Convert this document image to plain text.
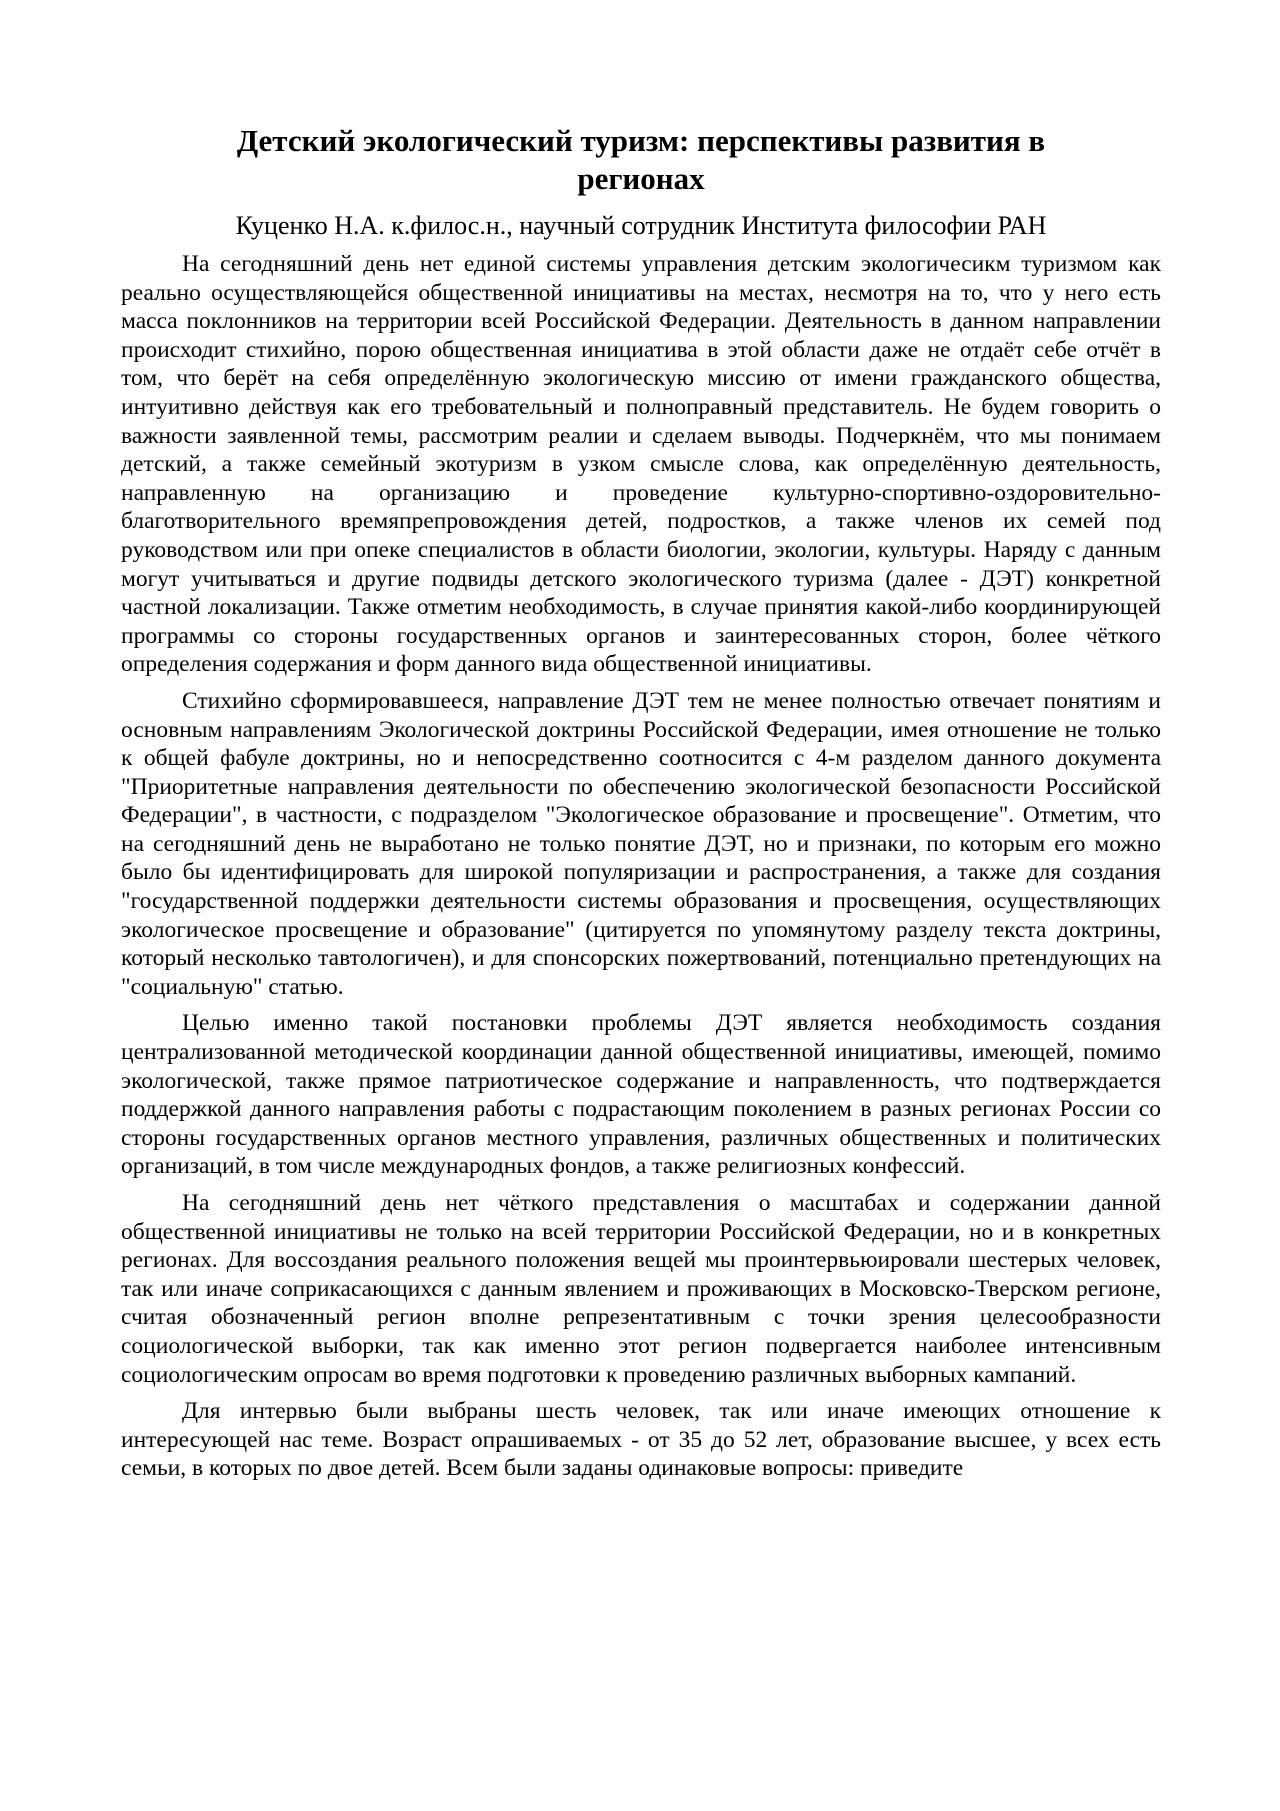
Детский экологический туризм: перспективы развития в регионах
Куценко Н.А. к.филос.н., научный сотрудник Института философии РАН

На сегодняшний день нет единой системы управления детским экологичесикм туризмом как реально осуществляющейся общественной инициативы на местах, несмотря на то, что у него есть масса поклонников на территории всей Российской Федерации. Деятельность в данном направлении происходит стихийно, порою общественная инициатива в этой области даже не отдаёт себе отчёт в том, что берёт на себя определённую экологическую миссию от имени гражданского общества, интуитивно действуя как его требовательный и полноправный представитель. Не будем говорить о важности заявленной темы, рассмотрим реалии и сделаем выводы. Подчеркнём, что мы понимаем детский, а также семейный экотуризм в узком смысле слова, как определённую деятельность, направленную на организацию и проведение культурно-спортивно-оздоровительно-благотворительного времяпрепровождения детей, подростков, а также членов их семей под руководством или при опеке специалистов в области биологии, экологии, культуры. Наряду с данным могут учитываться и другие подвиды детского экологического туризма (далее - ДЭТ) конкретной частной локализации. Также отметим необходимость, в случае принятия какой-либо координирующей программы со стороны государственных органов и заинтересованных сторон, более чёткого определения содержания и форм данного вида общественной инициативы.

Стихийно сформировавшееся, направление ДЭТ тем не менее полностью отвечает понятиям и основным направлениям Экологической доктрины Российской Федерации, имея отношение не только к общей фабуле доктрины, но и непосредственно соотносится с 4-м разделом данного документа "Приоритетные направления деятельности по обеспечению экологической безопасности Российской Федерации", в частности, с подразделом "Экологическое образование и просвещение". Отметим, что на сегодняшний день не выработано не только понятие ДЭТ, но и признаки, по которым его можно было бы идентифицировать для широкой популяризации и распространения, а также для создания "государственной поддержки деятельности системы образования и просвещения, осуществляющих экологическое просвещение и образование" (цитируется по упомянутому разделу текста доктрины, который несколько тавтологичен), и для спонсорских пожертвований, потенциально претендующих на "социальную" статью.

Целью именно такой постановки проблемы ДЭТ является необходимость создания централизованной методической координации данной общественной инициативы, имеющей, помимо экологической, также прямое патриотическое содержание и направленность, что подтверждается поддержкой данного направления работы с подрастающим поколением в разных регионах России со стороны государственных органов местного управления, различных общественных и политических организаций, в том числе международных фондов, а также религиозных конфессий.

На сегодняшний день нет чёткого представления о масштабах и содержании данной общественной инициативы не только на всей территории Российской Федерации, но и в конкретных регионах. Для воссоздания реального положения вещей мы проинтервьюировали шестерых человек, так или иначе соприкасающихся с данным явлением и проживающих в Московско-Тверском регионе, считая обозначенный регион вполне репрезентативным с точки зрения целесообразности социологической выборки, так как именно этот регион подвергается наиболее интенсивным социологическим опросам во время подготовки к проведению различных выборных кампаний.

Для интервью были выбраны шесть человек, так или иначе имеющих отношение к интересующей нас теме. Возраст опрашиваемых - от 35 до 52 лет, образование высшее, у всех есть семьи, в которых по двое детей. Всем были заданы одинаковые вопросы: приведите
